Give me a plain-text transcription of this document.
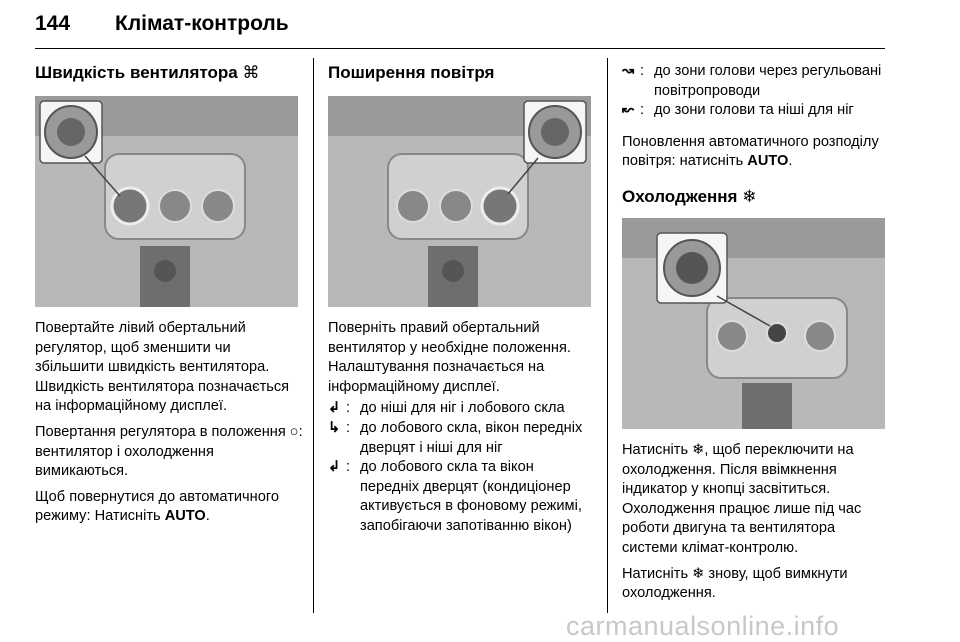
144 Клімат-контроль
Швидкість вентилятора ⌘

Повертайте лівий обертальний регулятор, щоб зменшити чи збільшити швидкість вентилятора. Швидкість вентилятора позначається на інформаційному дисплеї.

Повертання регулятора в положення ○: вентилятор і охолодження вимикаються.

Щоб повернутися до автоматичного режиму: Натисніть AUTO.

Поширення повітря

Поверніть правий обертальний вентилятор у необхідне положення. Налаштування позначається на інформаційному дисплеї.

↲ : до ніші для ніг і лобового скла
↳ : до лобового скла, вікон передніх дверцят і ніші для ніг
↲ : до лобового скла та вікон передніх дверцят (кондиціонер активується в фоновому режимі, запобігаючи запотіванню вікон)
↝ : до зони голови через регульовані повітропроводи
↜ : до зони голови та ніші для ніг

Поновлення автоматичного розподілу повітря: натисніть AUTO.

Охолодження ❄

Натисніть ❄, щоб переключити на охолодження. Після ввімкнення індикатор у кнопці засвітиться. Охолодження працює лише під час роботи двигуна та вентилятора системи клімат-контролю.

Натисніть ❄ знову, щоб вимкнути охолодження.

carmanualsonline.info
